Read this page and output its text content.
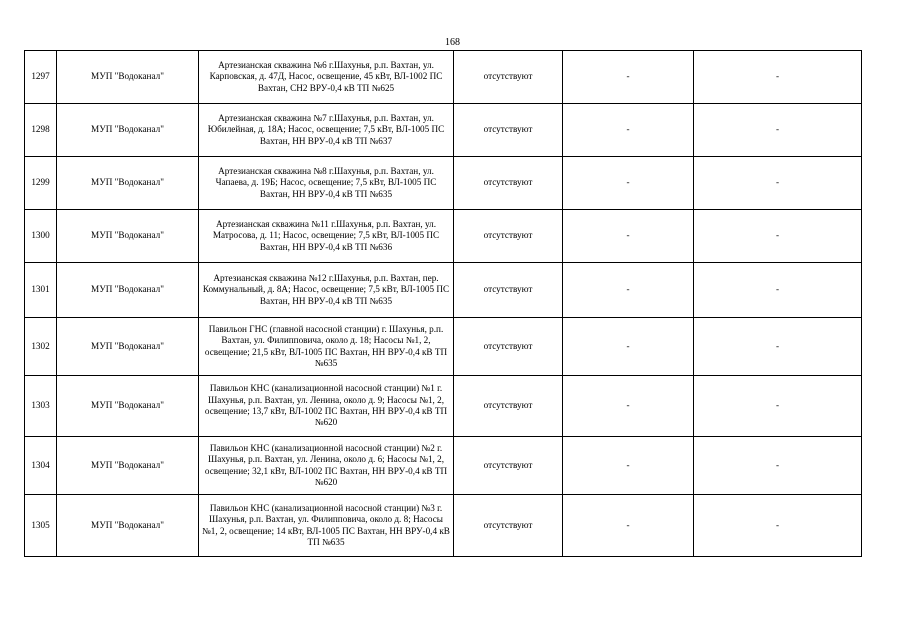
168
1297	МУП "Водоканал"	Артезианская скважина №6 г.Шахунья, р.п. Вахтан, ул. Карповская, д. 47Д, Насос, освещение, 45 кВт, ВЛ-1002 ПС Вахтан, СН2 ВРУ-0,4 кВ ТП №625	отсутствуют	-	-
1298	МУП "Водоканал"	Артезианская скважина №7 г.Шахунья, р.п. Вахтан, ул. Юбилейная, д. 18А; Насос, освещение; 7,5 кВт, ВЛ-1005 ПС Вахтан, НН ВРУ-0,4 кВ ТП №637	отсутствуют	-	-
1299	МУП "Водоканал"	Артезианская скважина №8 г.Шахунья, р.п. Вахтан, ул. Чапаева, д. 19Б; Насос, освещение; 7,5 кВт, ВЛ-1005 ПС Вахтан, НН ВРУ-0,4 кВ ТП №635	отсутствуют	-	-
1300	МУП "Водоканал"	Артезианская скважина №11 г.Шахунья, р.п. Вахтан, ул. Матросова, д. 11; Насос, освещение; 7,5 кВт, ВЛ-1005 ПС Вахтан, НН ВРУ-0,4 кВ ТП №636	отсутствуют	-	-
1301	МУП "Водоканал"	Артезианская скважина №12 г.Шахунья, р.п. Вахтан, пер. Коммунальный, д. 8А; Насос, освещение; 7,5 кВт, ВЛ-1005 ПС Вахтан, НН ВРУ-0,4 кВ ТП №635	отсутствуют	-	-
1302	МУП "Водоканал"	Павильон ГНС (главной насосной станции) г. Шахунья, р.п. Вахтан, ул. Филипповича, около д. 18; Насосы №1, 2, освещение; 21,5 кВт, ВЛ-1005 ПС Вахтан, НН ВРУ-0,4 кВ ТП №635	отсутствуют	-	-
1303	МУП "Водоканал"	Павильон КНС (канализационной насосной станции) №1 г. Шахунья, р.п. Вахтан, ул. Ленина, около д. 9; Насосы №1, 2, освещение; 13,7 кВт, ВЛ-1002 ПС Вахтан, НН ВРУ-0,4 кВ ТП №620	отсутствуют	-	-
1304	МУП "Водоканал"	Павильон КНС (канализационной насосной станции) №2 г. Шахунья, р.п. Вахтан, ул. Ленина, около д. 6; Насосы №1, 2, освещение; 32,1 кВт, ВЛ-1002 ПС Вахтан, НН ВРУ-0,4 кВ ТП №620	отсутствуют	-	-
1305	МУП "Водоканал"	Павильон КНС (канализационной насосной станции) №3 г. Шахунья, р.п. Вахтан, ул. Филипповича, около д. 8; Насосы №1, 2, освещение; 14 кВт, ВЛ-1005 ПС Вахтан, НН ВРУ-0,4 кВ ТП №635	отсутствуют	-	-
